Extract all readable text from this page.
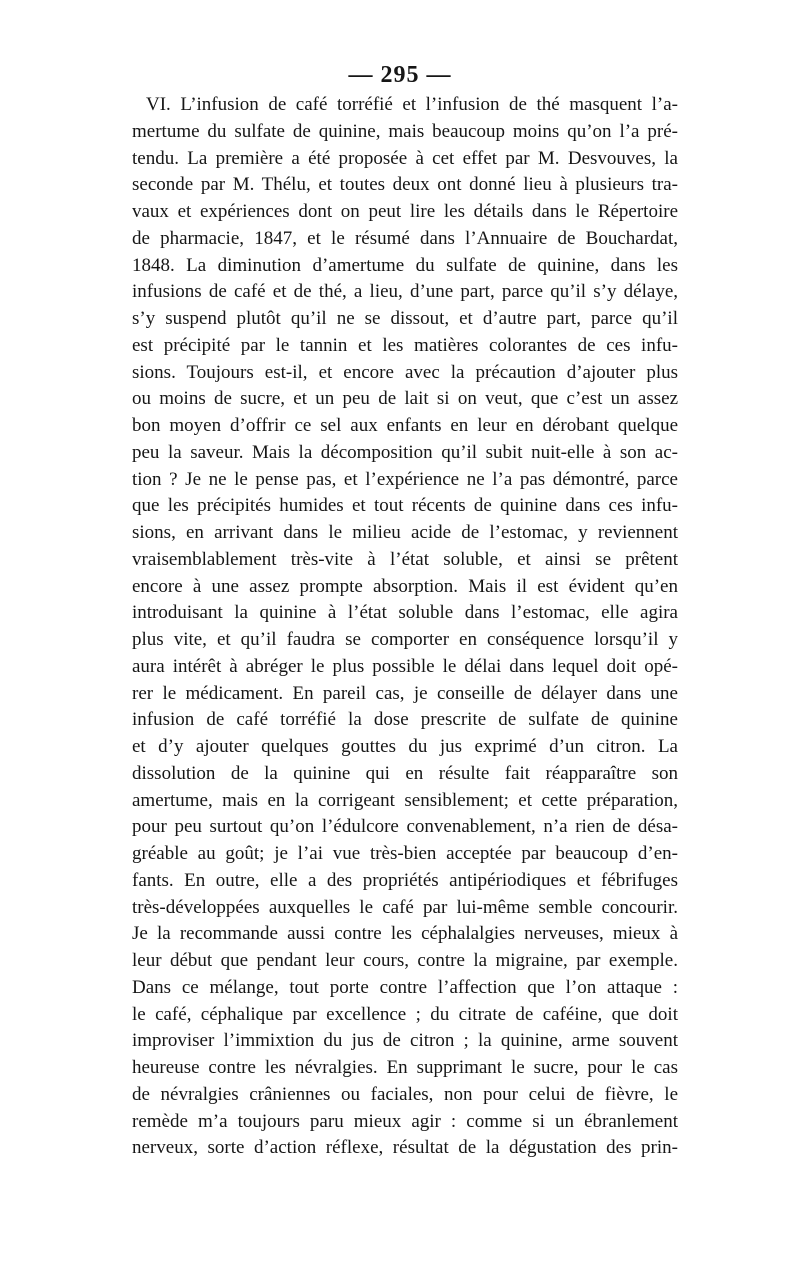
— 295 —
VI. L’infusion de café torréfié et l’infusion de thé masquent l’a-
mertume du sulfate de quinine, mais beaucoup moins qu’on l’a pré-
tendu. La première a été proposée à cet effet par M. Desvouves, la
seconde par M. Thélu, et toutes deux ont donné lieu à plusieurs tra-
vaux et expériences dont on peut lire les détails dans le Répertoire
de pharmacie, 1847, et le résumé dans l’Annuaire de Bouchardat,
1848. La diminution d’amertume du sulfate de quinine, dans les
infusions de café et de thé, a lieu, d’une part, parce qu’il s’y délaye,
s’y suspend plutôt qu’il ne se dissout, et d’autre part, parce qu’il
est précipité par le tannin et les matières colorantes de ces infu-
sions. Toujours est-il, et encore avec la précaution d’ajouter plus
ou moins de sucre, et un peu de lait si on veut, que c’est un assez
bon moyen d’offrir ce sel aux enfants en leur en dérobant quelque
peu la saveur. Mais la décomposition qu’il subit nuit-elle à son ac-
tion ? Je ne le pense pas, et l’expérience ne l’a pas démontré, parce
que les précipités humides et tout récents de quinine dans ces infu-
sions, en arrivant dans le milieu acide de l’estomac, y reviennent
vraisemblablement très-vite à l’état soluble, et ainsi se prêtent
encore à une assez prompte absorption. Mais il est évident qu’en
introduisant la quinine à l’état soluble dans l’estomac, elle agira
plus vite, et qu’il faudra se comporter en conséquence lorsqu’il y
aura intérêt à abréger le plus possible le délai dans lequel doit opé-
rer le médicament. En pareil cas, je conseille de délayer dans une
infusion de café torréfié la dose prescrite de sulfate de quinine
et d’y ajouter quelques gouttes du jus exprimé d’un citron. La
dissolution de la quinine qui en résulte fait réapparaître son
amertume, mais en la corrigeant sensiblement; et cette préparation,
pour peu surtout qu’on l’édulcore convenablement, n’a rien de désa-
gréable au goût; je l’ai vue très-bien acceptée par beaucoup d’en-
fants. En outre, elle a des propriétés antipériodiques et fébrifuges
très-développées auxquelles le café par lui-même semble concourir.
Je la recommande aussi contre les céphalalgies nerveuses, mieux à
leur début que pendant leur cours, contre la migraine, par exemple.
Dans ce mélange, tout porte contre l’affection que l’on attaque :
le café, céphalique par excellence ; du citrate de caféine, que doit
improviser l’immixtion du jus de citron ; la quinine, arme souvent
heureuse contre les névralgies. En supprimant le sucre, pour le cas
de névralgies crâniennes ou faciales, non pour celui de fièvre, le
remède m’a toujours paru mieux agir : comme si un ébranlement
nerveux, sorte d’action réflexe, résultat de la dégustation des prin-
